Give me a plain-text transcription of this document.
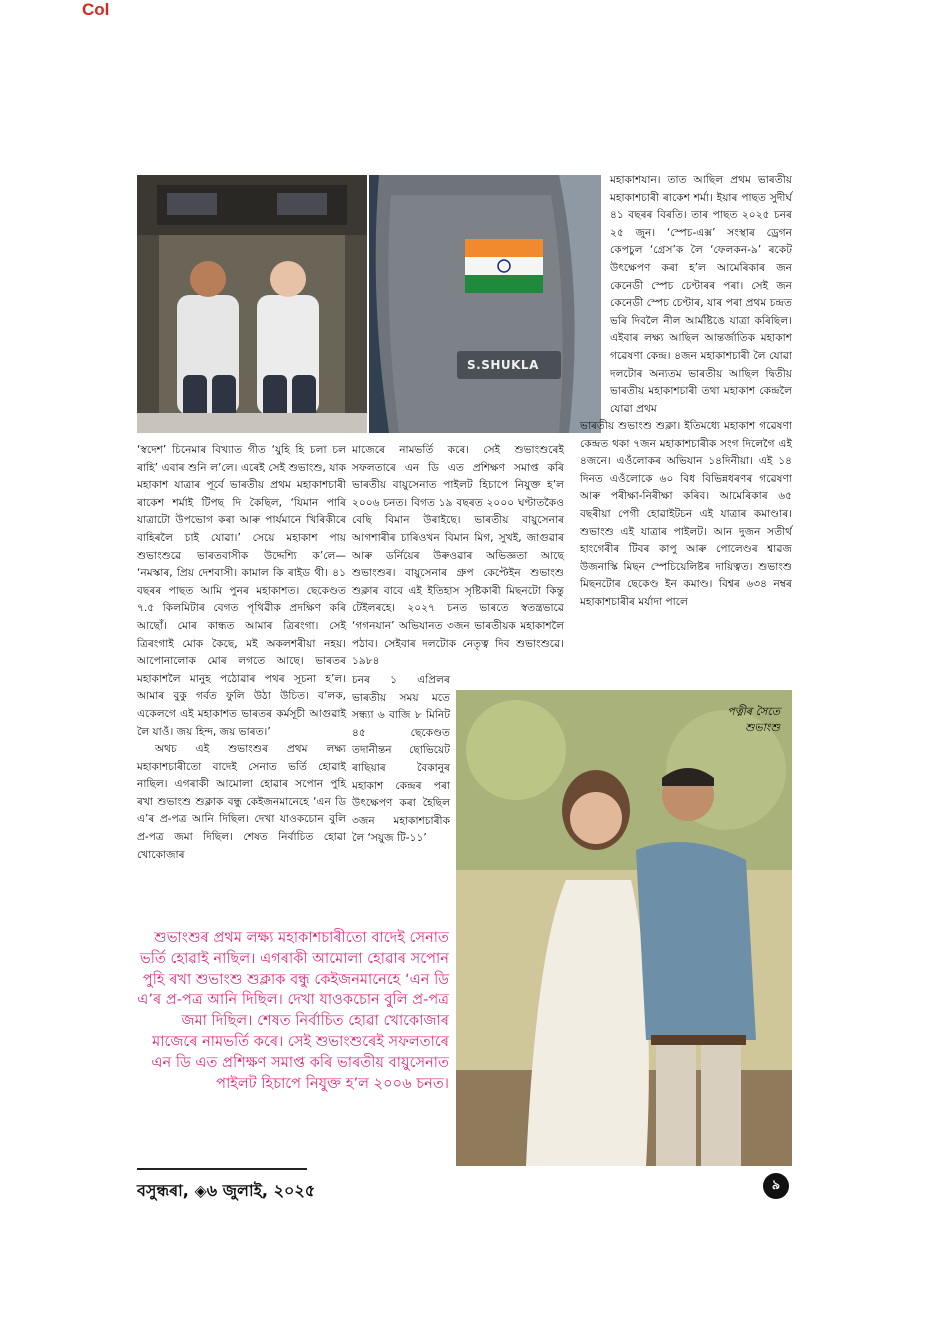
Col
S.SHUKLA
মহাকাশযান। তাত আছিল প্ৰথম ভাৰতীয় মহাকাশচাৰী ৰাকেশ শৰ্মা। ইয়াৰ পাছত সুদীৰ্ঘ ৪১ বছৰৰ বিৰতি। তাৰ পাছত ২০২৫ চনৰ ২৫ জুন। ‘স্পেচ-এক্স’ সংস্থাৰ ড্ৰেগন কেপচুল ‘গ্ৰেস’ক লৈ ‘ফেলকন-৯’ ৰকেট উৎক্ষেপণ কৰা হ’ল আমেৰিকাৰ জন কেনেডী স্পেচ চেণ্টাৰৰ পৰা। সেই জন কেনেডী স্পেচ চেণ্টাৰ, যাৰ পৰা প্ৰথম চন্দ্ৰত ভৰি দিবলৈ নীল আৰ্মষ্টিঙে যাত্ৰা কৰিছিল। এইবাৰ লক্ষ্য আছিল আন্তৰ্জাতিক মহাকাশ গৱেষণা কেন্দ্ৰ। ৪জন মহাকাশচাৰী লৈ যোৱা দলটোৰ অন্যতম ভাৰতীয় আছিল দ্বিতীয় ভাৰতীয় মহাকাশচাৰী তথা মহাকাশ কেন্দ্ৰলৈ যোৱা প্ৰথম
ভাৰতীয় শুভাংশু শুক্লা। ইতিমধ্যে মহাকাশ গৱেষণা কেন্দ্ৰত থকা ৭জন মহাকাশচাৰীক সংগ দিলেগৈ এই ৪জনে। এওঁলোকৰ অভিযান ১৪দিনীয়া। এই ১৪ দিনত এওঁলোকে ৬০ বিধ বিভিন্নধৰণৰ গৱেষণা আৰু পৰীক্ষা-নিৰীক্ষা কৰিব। আমেৰিকাৰ ৬৫ বছৰীয়া পেগী হোৱাইটচন এই যাত্ৰাৰ কমাণ্ডাৰ। শুভাংশু এই যাত্ৰাৰ পাইলট। আন দুজন সতীৰ্থ হাংগেৰীৰ টিবৰ কাপু আৰু পোলেণ্ডৰ শ্বাৱজ উজনাস্কি মিছন স্পেচিয়েলিষ্টৰ দায়িত্বত। শুভাংশু মিছনটোৰ ছেকেণ্ড ইন কমাণ্ড। বিশ্বৰ ৬৩৪ নম্বৰ মহাকাশচাৰীৰ মৰ্যাদা পালে

‘স্বদেশ’ চিনেমাৰ বিখ্যাত গীত ‘যুহি হি চলা চল ৰাহি’ এবাৰ শুনি ল’লে। এৰেই সেই শুভাংশু, যাক মহাকাশ যাত্ৰাৰ পূৰ্বে ভাৰতীয় প্ৰথম মহাকাশচাৰী ৰাকেশ শৰ্মাই টিপছ দি কৈছিল, ‘যিমান পাৰি যাত্ৰাটো উপভোগ কৰা আৰু পাৰ্যমানে খিৰিকীৰে বাহিৰলৈ চাই যোৱা।’ সেয়ে মহাকাশ পায় শুভাংশুৱে ভাৰতবাসীক উদ্দেশ্যি ক’লে— ‘নমস্কাৰ, প্ৰিয় দেশবাসী। কামাল কি ৰাইড থী। ৪১ বছৰৰ পাছত আমি পুনৰ মহাকাশত। ছেকেণ্ডত ৭.৫ কিলমিটাৰ বেগত পৃথিৱীক প্ৰদক্ষিণ কৰি আছোঁ। মোৰ কান্ধত আমাৰ ত্ৰিৰংগা। সেই ত্ৰিৰংগাই মোক কৈছে, মই অকলশৰীয়া নহয়। আপোনালোক মোৰ লগতে আছে। ভাৰতৰ মহাকাশলৈ মানুহ পঠোৱাৰ পথৰ সূচনা হ’ল। আমাৰ বুকু গৰ্বত ফুলি উঠা উচিত। ব’লক, একেলগে এই মহাকাশত ভাৰতৰ কৰ্মসূচী আগুৱাই লৈ যাওঁ। জয় হিন্দ, জয় ভাৰত।’

অথচ এই শুভাংশুৰ প্ৰথম লক্ষ্য মহাকাশচাৰীতো বাদেই সেনাত ভৰ্তি হোৱাই নাছিল। এগৰাকী আমোলা হোৱাৰ সপোন পুহি ৰখা শুভাংশু শুক্লাক বন্ধু কেইজনমানেহে ‘এন ডি এ’ৰ প্ৰ-পত্ৰ আনি দিছিল। দেখা যাওকচোন বুলি প্ৰ-পত্ৰ জমা দিছিল। শেষত নিৰ্বাচিত হোৱা খোকোজাৰ

মাজেৰে নামভৰ্তি কৰে। সেই শুভাংশুৰেই সফলতাৰে এন ডি এত প্ৰশিক্ষণ সমাপ্ত কৰি ভাৰতীয় বায়ুসেনাত পাইলট হিচাপে নিযুক্ত হ’ল ২০০৬ চনত। বিগত ১৯ বছৰত ২০০০ ঘণ্টাতকৈও বেছি বিমান উৰাইছে। ভাৰতীয় বায়ুসেনাৰ আগশাৰীৰ চাৰিওখন বিমান মিগ, সুখই, জাগুৱাৰ আৰু ডৰ্নিয়েৰ উৰুওৱাৰ অভিজ্ঞতা আছে শুভাংশুৰ। বায়ুসেনাৰ গ্ৰুপ কেপ্টেইন শুভাংশু শুক্লাৰ বাবে এই ইতিহাস সৃষ্টিকাৰী মিছনটো কিন্তু টেইলৰহে। ২০২৭ চনত ভাৰতে স্বতন্ত্ৰভাৱে ‘গগনযান’ অভিযানত ৩জন ভাৰতীয়ক মহাকাশলৈ পঠাব। সেইবাৰ দলটোক নেতৃত্ব দিব শুভাংশুৱে। ১৯৮৪
চনৰ ১ এপ্ৰিলৰ ভাৰতীয় সময় মতে সন্ধ্যা ৬ বাজি ৮ মিনিট ৪৫ ছেকেণ্ডত তদানীন্তন ছোভিয়েট ৰাছিয়াৰ বৈকানুৰ মহাকাশ কেন্দ্ৰৰ পৰা উৎক্ষেপণ কৰা হৈছিল ৩জন মহাকাশচাৰীক লৈ ‘সয়ুজ টি-১১’
পত্নীৰ সৈতে
শুভাংশু
শুভাংশুৰ প্ৰথম লক্ষ্য মহাকাশচাৰীতো বাদেই সেনাত ভৰ্তি হোৱাই নাছিল। এগৰাকী আমোলা হোৱাৰ সপোন পুহি ৰখা শুভাংশু শুক্লাক বন্ধু কেইজনমানেহে ‘এন ডি এ’ৰ প্ৰ-পত্ৰ আনি দিছিল। দেখা যাওকচোন বুলি প্ৰ-পত্ৰ জমা দিছিল। শেষত নিৰ্বাচিত হোৱা খোকোজাৰ মাজেৰে নামভৰ্তি কৰে। সেই শুভাংশুৰেই সফলতাৰে এন ডি এত প্ৰশিক্ষণ সমাপ্ত কৰি ভাৰতীয় বায়ুসেনাত পাইলট হিচাপে নিযুক্ত হ’ল ২০০৬ চনত।
বসুন্ধৰা, ◈৬ জুলাই, ২০২৫	৯
